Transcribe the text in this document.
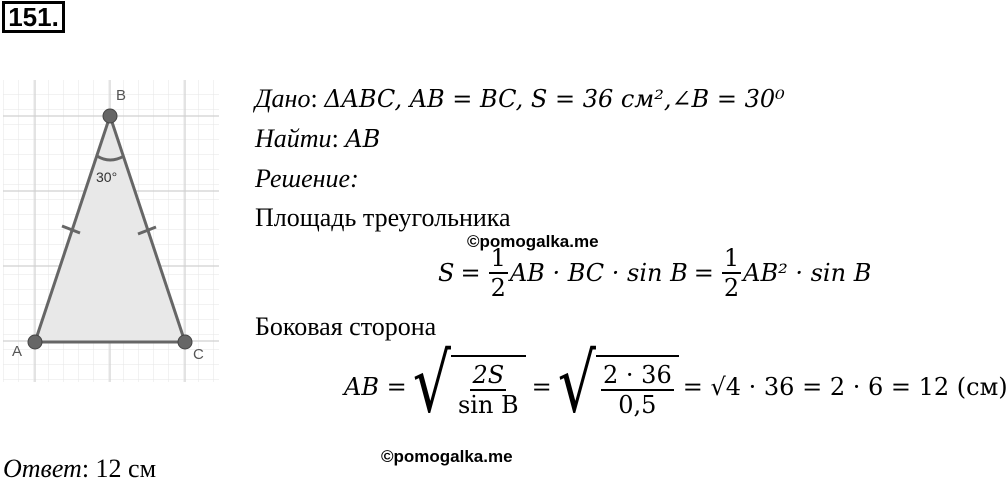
151.
B
A	C
30°
Дано: ΔABC, AB = BC, S = 36 см²,∠B = 30⁰
Найти: AB
Решение:
Площадь треугольника
©pomogalka.me
$S = \frac{1}{2}$ AB · BC · $\sin B = \frac{1}{2} AB^2 \cdot \sin B$
Боковая сторона
AB = √ $\frac{2S}{\text{sin B}}$ = √ $\frac{2 \cdot 36}{0,5} = √4 \cdot 36 = 2 \cdot 6 = 12$ (см)
©pomogalka.me
Ответ: 12 см
